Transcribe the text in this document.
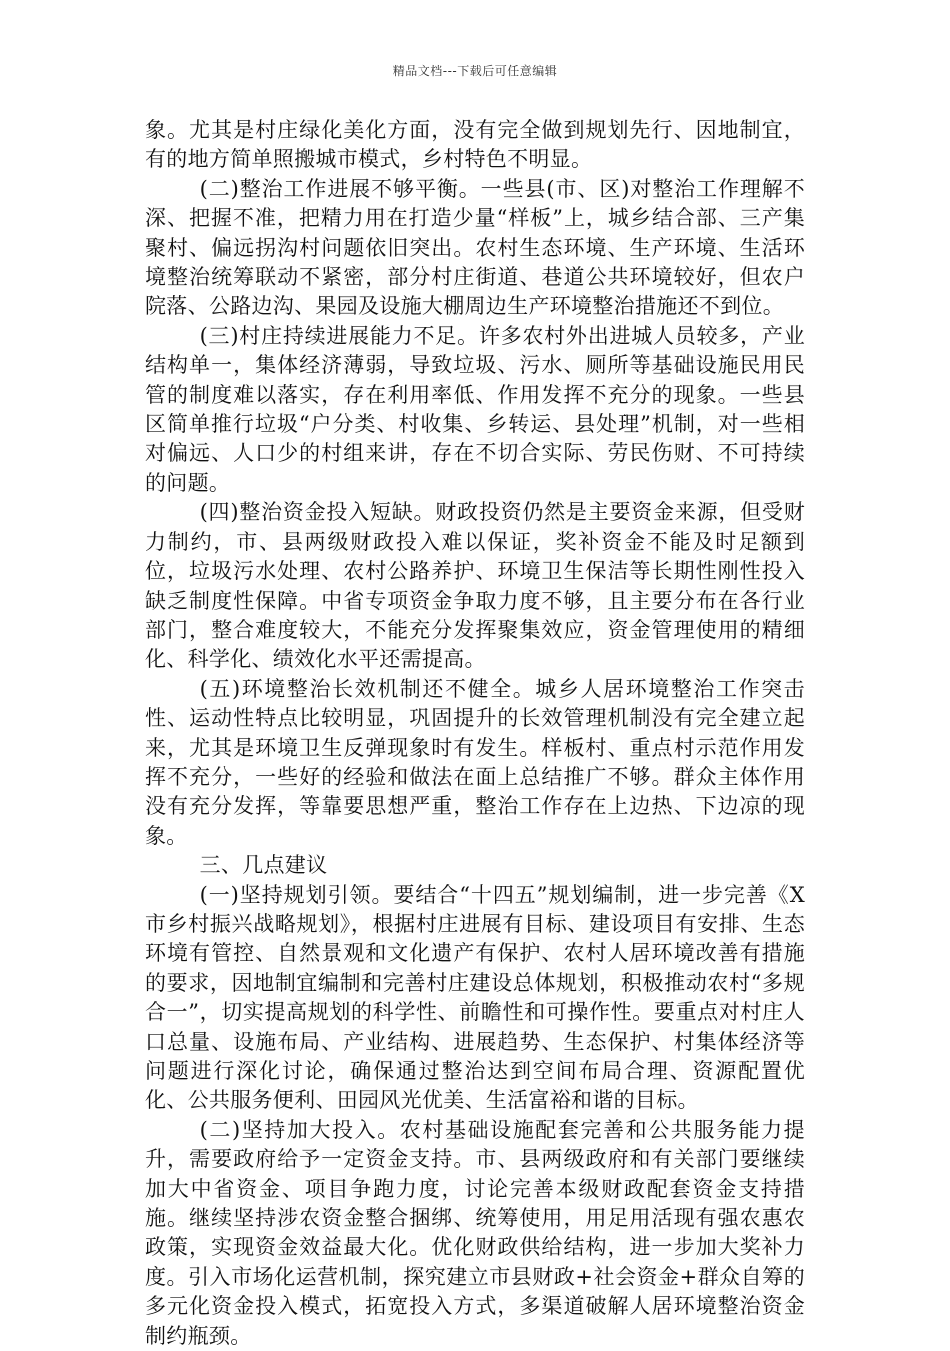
精品文档---下载后可任意编辑

象。尤其是村庄绿化美化方面，没有完全做到规划先行、因地制宜，有的地方简单照搬城市模式，乡村特色不明显。

(二)整治工作进展不够平衡。一些县(市、区)对整治工作理解不深、把握不准，把精力用在打造少量“样板”上，城乡结合部、三产集聚村、偏远拐沟村问题依旧突出。农村生态环境、生产环境、生活环境整治统筹联动不紧密，部分村庄街道、巷道公共环境较好，但农户院落、公路边沟、果园及设施大棚周边生产环境整治措施还不到位。

(三)村庄持续进展能力不足。许多农村外出进城人员较多，产业结构单一，集体经济薄弱，导致垃圾、污水、厕所等基础设施民用民管的制度难以落实，存在利用率低、作用发挥不充分的现象。一些县区简单推行垃圾“户分类、村收集、乡转运、县处理”机制，对一些相对偏远、人口少的村组来讲，存在不切合实际、劳民伤财、不可持续的问题。

(四)整治资金投入短缺。财政投资仍然是主要资金来源，但受财力制约，市、县两级财政投入难以保证，奖补资金不能及时足额到位，垃圾污水处理、农村公路养护、环境卫生保洁等长期性刚性投入缺乏制度性保障。中省专项资金争取力度不够，且主要分布在各行业部门，整合难度较大，不能充分发挥聚集效应，资金管理使用的精细化、科学化、绩效化水平还需提高。

(五)环境整治长效机制还不健全。城乡人居环境整治工作突击性、运动性特点比较明显，巩固提升的长效管理机制没有完全建立起来，尤其是环境卫生反弹现象时有发生。样板村、重点村示范作用发挥不充分，一些好的经验和做法在面上总结推广不够。群众主体作用没有充分发挥，等靠要思想严重，整治工作存在上边热、下边凉的现象。

三、几点建议

(一)坚持规划引领。要结合“十四五”规划编制，进一步完善《X市乡村振兴战略规划》，根据村庄进展有目标、建设项目有安排、生态环境有管控、自然景观和文化遗产有保护、农村人居环境改善有措施的要求，因地制宜编制和完善村庄建设总体规划，积极推动农村“多规合一”，切实提高规划的科学性、前瞻性和可操作性。要重点对村庄人口总量、设施布局、产业结构、进展趋势、生态保护、村集体经济等问题进行深化讨论，确保通过整治达到空间布局合理、资源配置优化、公共服务便利、田园风光优美、生活富裕和谐的目标。

(二)坚持加大投入。农村基础设施配套完善和公共服务能力提升，需要政府给予一定资金支持。市、县两级政府和有关部门要继续加大中省资金、项目争跑力度，讨论完善本级财政配套资金支持措施。继续坚持涉农资金整合捆绑、统筹使用，用足用活现有强农惠农政策，实现资金效益最大化。优化财政供给结构，进一步加大奖补力度。引入市场化运营机制，探究建立市县财政+社会资金+群众自筹的多元化资金投入模式，拓宽投入方式，多渠道破解人居环境整治资金制约瓶颈。
